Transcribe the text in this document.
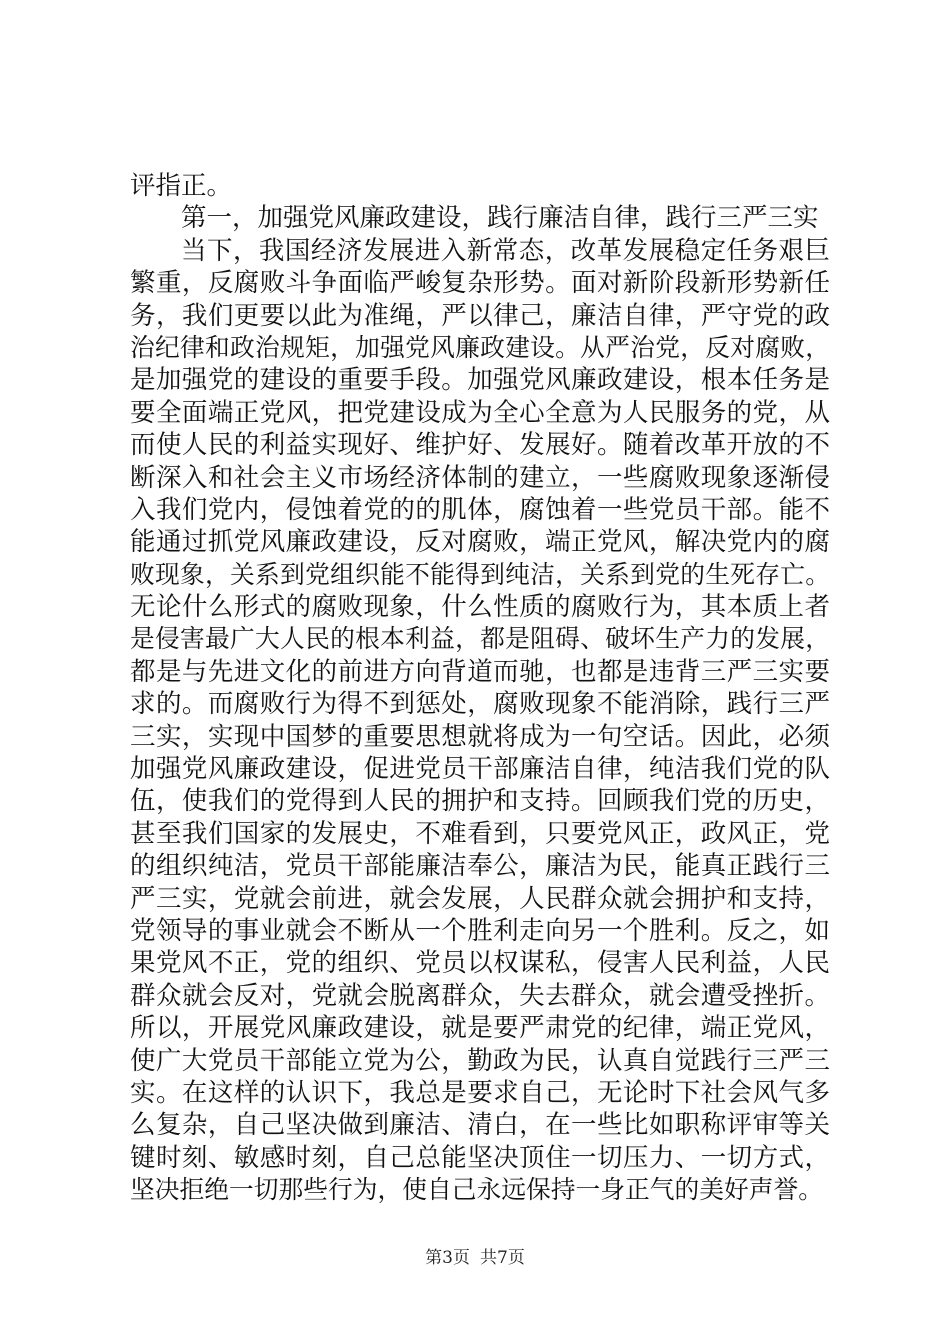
评指正。
第一，加强党风廉政建设，践行廉洁自律，践行三严三实
当下，我国经济发展进入新常态，改革发展稳定任务艰巨
繁重，反腐败斗争面临严峻复杂形势。面对新阶段新形势新任
务，我们更要以此为准绳，严以律己，廉洁自律，严守党的政
治纪律和政治规矩，加强党风廉政建设。从严治党，反对腐败，
是加强党的建设的重要手段。加强党风廉政建设，根本任务是
要全面端正党风，把党建设成为全心全意为人民服务的党，从
而使人民的利益实现好、维护好、发展好。随着改革开放的不
断深入和社会主义市场经济体制的建立，一些腐败现象逐渐侵
入我们党内，侵蚀着党的的肌体，腐蚀着一些党员干部。能不
能通过抓党风廉政建设，反对腐败，端正党风，解决党内的腐
败现象，关系到党组织能不能得到纯洁，关系到党的生死存亡。
无论什么形式的腐败现象，什么性质的腐败行为，其本质上者
是侵害最广大人民的根本利益，都是阻碍、破坏生产力的发展，
都是与先进文化的前进方向背道而驰，也都是违背三严三实要
求的。而腐败行为得不到惩处，腐败现象不能消除，践行三严
三实，实现中国梦的重要思想就将成为一句空话。因此，必须
加强党风廉政建设，促进党员干部廉洁自律，纯洁我们党的队
伍，使我们的党得到人民的拥护和支持。回顾我们党的历史，
甚至我们国家的发展史，不难看到，只要党风正，政风正，党
的组织纯洁，党员干部能廉洁奉公，廉洁为民，能真正践行三
严三实，党就会前进，就会发展，人民群众就会拥护和支持，
党领导的事业就会不断从一个胜利走向另一个胜利。反之，如
果党风不正，党的组织、党员以权谋私，侵害人民利益，人民
群众就会反对，党就会脱离群众，失去群众，就会遭受挫折。
所以，开展党风廉政建设，就是要严肃党的纪律，端正党风，
使广大党员干部能立党为公，勤政为民，认真自觉践行三严三
实。在这样的认识下，我总是要求自己，无论时下社会风气多
么复杂，自己坚决做到廉洁、清白，在一些比如职称评审等关
键时刻、敏感时刻，自己总能坚决顶住一切压力、一切方式，
坚决拒绝一切那些行为，使自己永远保持一身正气的美好声誉。
第3页 共7页
